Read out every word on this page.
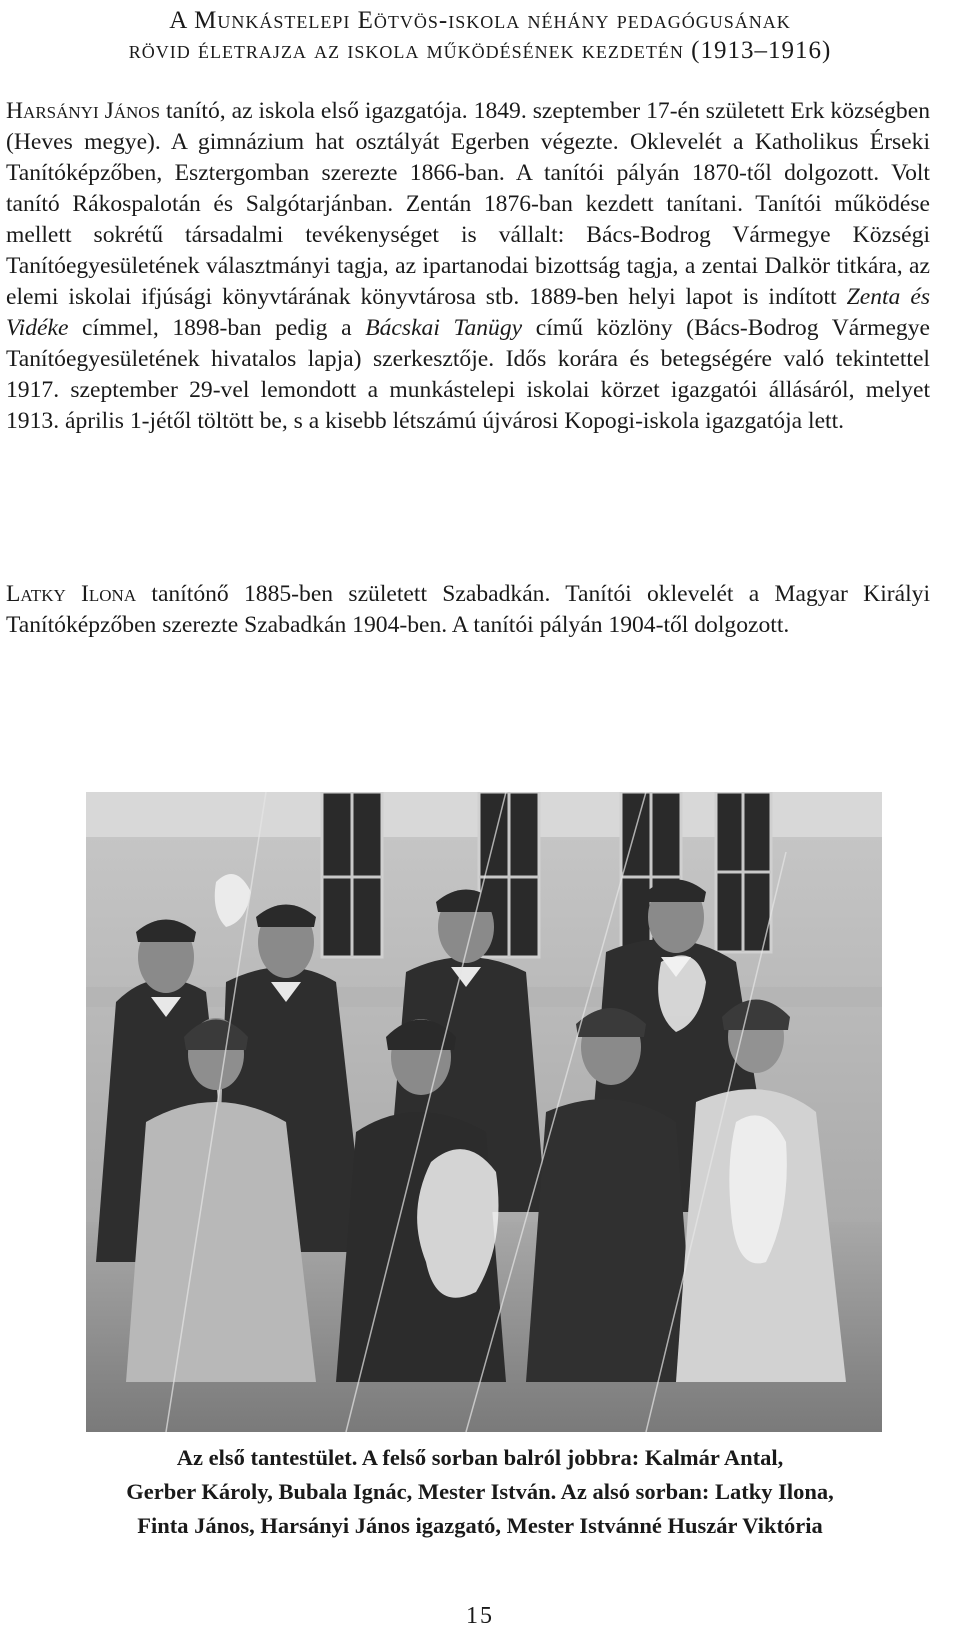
A Munkástelepi Eötvös-iskola néhány pedagógusának
rövid életrajza az iskola működésének kezdetén (1913–1916)
Harsányi János tanító, az iskola első igazgatója. 1849. szeptember 17-én született Erk községben (Heves megye). A gimnázium hat osztályát Egerben végezte. Oklevelét a Katholikus Érseki Tanítóképzőben, Esztergomban szerezte 1866-ban. A tanítói pályán 1870-től dolgozott. Volt tanító Rákospalotán és Salgótarjánban. Zentán 1876-ban kezdett tanítani. Tanítói működése mellett sokrétű társadalmi tevékenységet is vállalt: Bács-Bodrog Vármegye Községi Tanítóegyesületének választmányi tagja, az ipartanodai bizottság tagja, a zentai Dalkör titkára, az elemi iskolai ifjúsági könyvtárának könyvtárosa stb. 1889-ben helyi lapot is indított Zenta és Vidéke címmel, 1898-ban pedig a Bácskai Tanügy című közlöny (Bács-Bodrog Vármegye Tanítóegyesületének hivatalos lapja) szerkesztője. Idős korára és betegségére való tekintettel 1917. szeptember 29-vel lemondott a munkástelepi iskolai körzet igazgatói állásáról, melyet 1913. április 1-jétől töltött be, s a kisebb létszámú újvárosi Kopogi-iskola igazgatója lett.
Latky Ilona tanítónő 1885-ben született Szabadkán. Tanítói oklevelét a Magyar Királyi Tanítóképzőben szerezte Szabadkán 1904-ben. A tanítói pályán 1904-től dolgozott.
Az első tantestület. A felső sorban balról jobbra: Kalmár Antal,
Gerber Károly, Bubala Ignác, Mester István. Az alsó sorban: Latky Ilona,
Finta János, Harsányi János igazgató, Mester Istvánné Huszár Viktória
15
